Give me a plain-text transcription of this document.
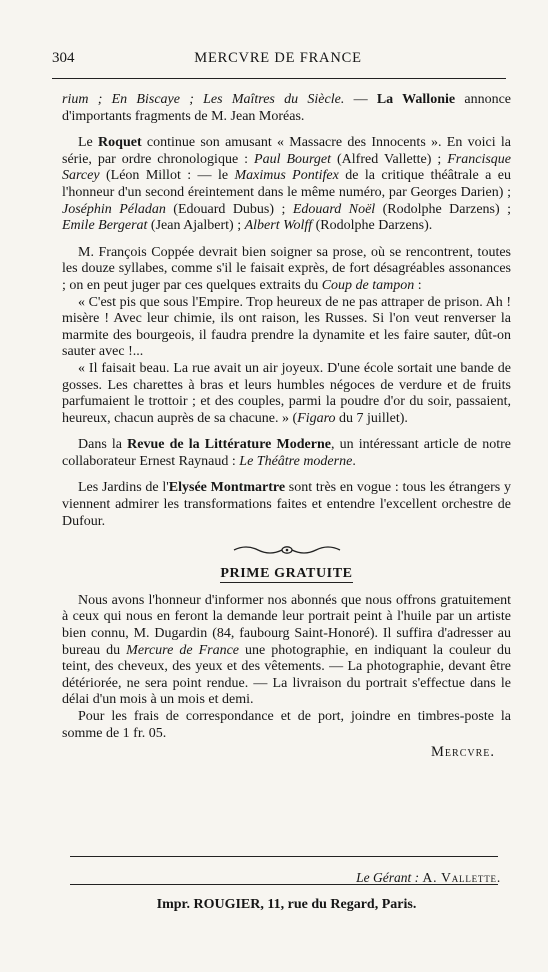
304	MERCVRE DE FRANCE

rium ; En Biscaye ; Les Maîtres du Siècle. — La Wallonie annonce d'importants fragments de M. Jean Moréas.

Le Roquet continue son amusant « Massacre des Innocents ». En voici la série, par ordre chronologique : Paul Bourget (Alfred Vallette) ; Francisque Sarcey (Léon Millot : — le Maximus Pontifex de la critique théâtrale a eu l'honneur d'un second éreintement dans le même numéro, par Georges Darien) ; Joséphin Péladan (Edouard Dubus) ; Edouard Noël (Rodolphe Darzens) ; Emile Bergerat (Jean Ajalbert) ; Albert Wolff (Rodolphe Darzens).

M. François Coppée devrait bien soigner sa prose, où se rencontrent, toutes les douze syllabes, comme s'il le faisait exprès, de fort désagréables assonances ; on en peut juger par ces quelques extraits du Coup de tampon :

« C'est pis que sous l'Empire. Trop heureux de ne pas attraper de prison. Ah ! misère ! Avec leur chimie, ils ont raison, les Russes. Si l'on veut renverser la marmite des bourgeois, il faudra prendre la dynamite et les faire sauter, dût-on sauter avec !...

« Il faisait beau. La rue avait un air joyeux. D'une école sortait une bande de gosses. Les charettes à bras et leurs humbles négoces de verdure et de fruits parfumaient le trottoir ; et des couples, parmi la poudre d'or du soir, passaient, heureux, chacun auprès de sa chacune. » (Figaro du 7 juillet).

Dans la Revue de la Littérature Moderne, un intéressant article de notre collaborateur Ernest Raynaud : Le Théâtre moderne.

Les Jardins de l'Elysée Montmartre sont très en vogue : tous les étrangers y viennent admirer les transformations faites et entendre l'excellent orchestre de Dufour.

PRIME GRATUITE

Nous avons l'honneur d'informer nos abonnés que nous offrons gratuitement à ceux qui nous en feront la demande leur portrait peint à l'huile par un artiste bien connu, M. Dugardin (84, faubourg Saint-Honoré). Il suffira d'adresser au bureau du Mercure de France une photographie, en indiquant la couleur du teint, des cheveux, des yeux et des vêtements. — La photographie, devant être détériorée, ne sera point rendue. — La livraison du portrait s'effectue dans le délai d'un mois à un mois et demi.

Pour les frais de correspondance et de port, joindre en timbres-poste la somme de 1 fr. 05.

Mercvre.
Le Gérant : A. Vallette.
Impr. ROUGIER, 11, rue du Regard, Paris.
